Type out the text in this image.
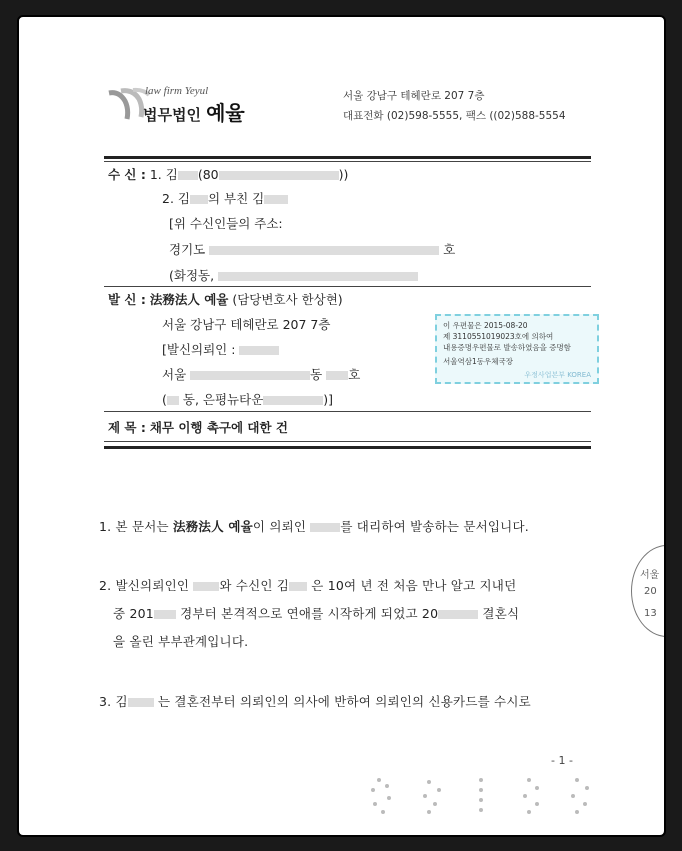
law firm Yeyul
법무법인 예율
서울 강남구 테헤란로 207 7층
대표전화 (02)598-5555, 팩스 ((02)588-5554
수 신 : 1. 김 (80	))
2. 김 의 부친 김
[위 수신인들의 주소:
경기도	호
(화정동,
발 신 : 法務法人 예율 (담당변호사 한상현)
서울 강남구 테헤란로 207 7층
[발신의뢰인 :
서울	동 호
( 동, 은평뉴타운	)]
이 우편물은 2015-08-20
제 3110551019023호에 의하여
내용증명우편물로 발송하였음을 증명함
서울역삼1동우체국장
우정사업본부 KOREA
제 목 : 채무 이행 촉구에 대한 건
1. 본 문서는 法務法人 예율이 의뢰인	를 대리하여 발송하는 문서입니다.
2. 발신의뢰인인 와 수신인 김 은 10여 년 전 처음 만나 알고 지내던
중 201 경부터 본격적으로 연애를 시작하게 되었고 20	결혼식
을 올린 부부관계입니다.
3. 김 는 결혼전부터 의뢰인의 의사에 반하여 의뢰인의 신용카드를 수시로
- 1 -
서울
20
13
